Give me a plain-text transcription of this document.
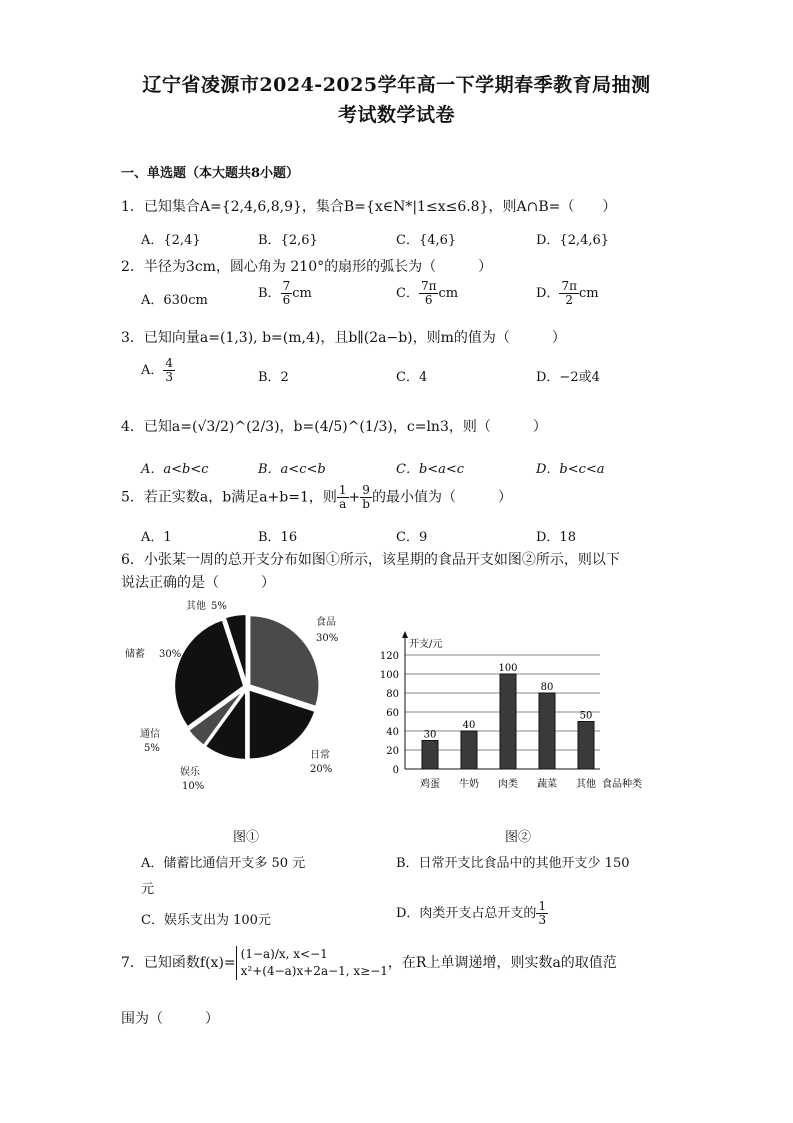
辽宁省凌源市2024-2025学年高一下学期春季教育局抽测
考试数学试卷
一、单选题（本大题共8小题）
1．已知集合A={2,4,6,8,9}，集合B={x∈N*|1≤x≤6.8}，则A∩B=（　　）
A．{2,4}	B．{2,6}	C．{4,6}	D．{2,4,6}
2．半径为3cm，圆心角为 210°的扇形的弧长为（　　　）
A．630cm	B． $\frac{7}{6}$ cm	C． $\frac{7\pi}{6}$ cm	D． $\frac{7\pi}{2}$ cm
3．已知向量a=(1,3), b=(m,4)，且b∥(2a−b)，则m的值为（　　　）
A． $\frac{4}{3}$	B．2	C．4	D．−2或4
4．已知a=(√3/2)^(2/3)，b=(4/5)^(1/3)，c=ln3，则（　　　）
A．a<b<c	B．a<c<b	C．b<a<c	D．b<c<a
5．若正实数a，b满足a+b=1，则 $\frac{1}{a} + \frac{9}{b}$ 的最小值为（　　　）
A．1	B．16	C．9	D．18
6．小张某一周的总开支分布如图①所示，该星期的食品开支如图②所示，则以下
说法正确的是（　　　）
食品
30%
日常
20%
娱乐
10%
通信
5%
储蓄 30%
其他 5%
开支/元
0
20
40
60
80
100
120
30
鸡蛋
40
牛奶
100
肉类
80
蔬菜
50
其他 食品种类
图①	图②
A．储蓄比通信开支多 50 元	B．日常开支比食品中的其他开支少 150
元
C．娱乐支出为 100元	D．肉类开支占总开支的 $\frac{1}{3}$
7．已知函数f(x)=
(1−a)/x, x<−1
x²+(4−a)x+2a−1, x≥−1 ，在R上单调递增，则实数a的取值范
围为（　　　）
